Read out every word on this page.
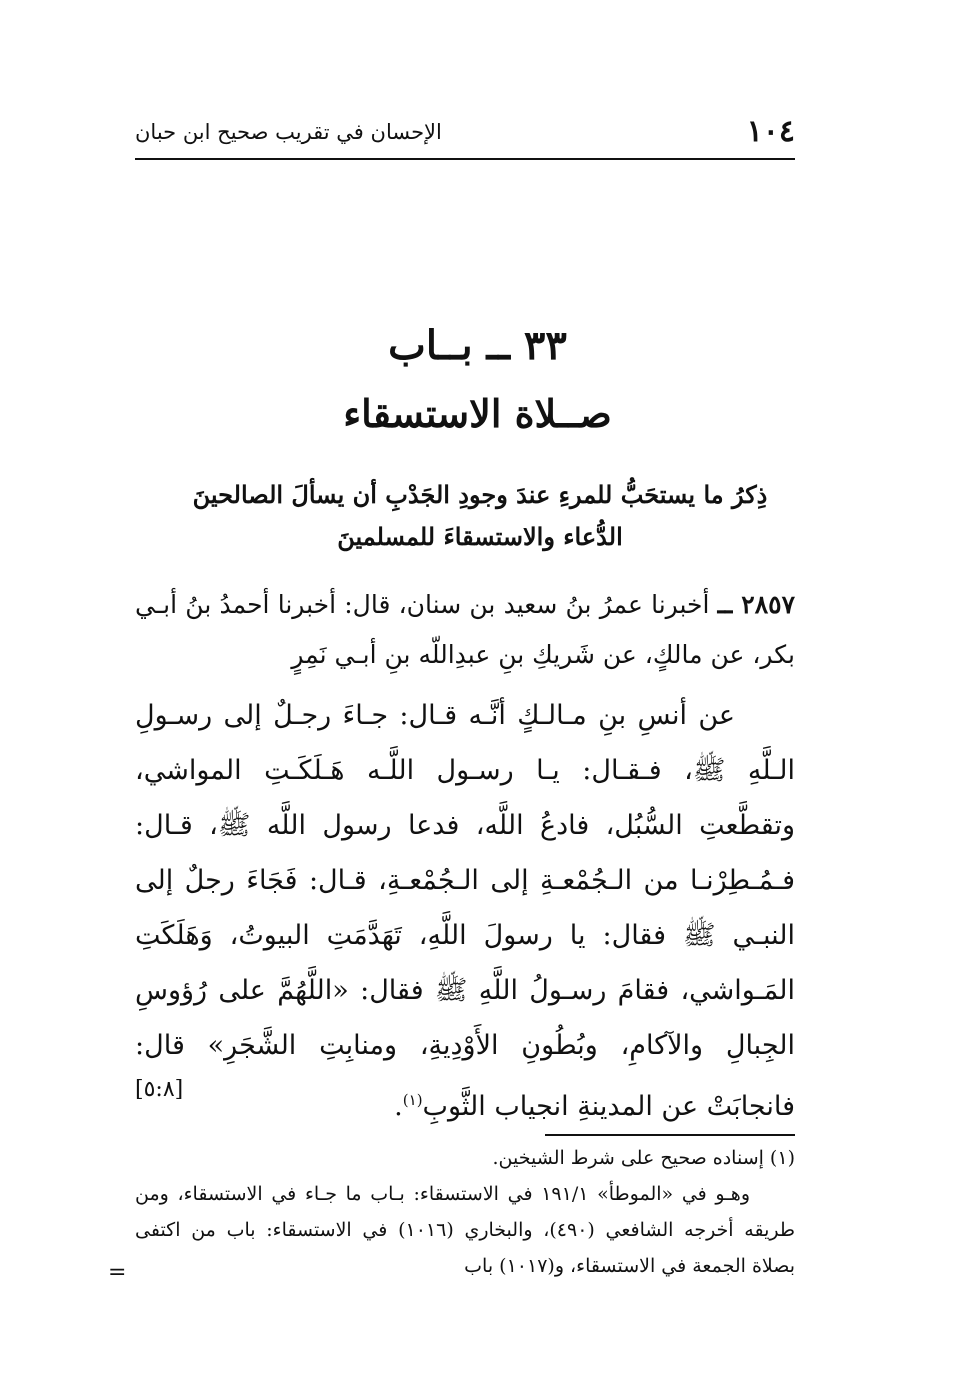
١٠٤
الإحسان في تقريب صحيح ابن حبان
٣٣ ــ بــاب
صــلاة الاستسقاء
ذِكرُ ما يستحَبُّ للمرءِ عندَ وجودِ الجَدْبِ أن يسألَ الصالحينَ
الدُّعاء والاستسقاءَ للمسلمينَ
٢٨٥٧ ــ أخبرنا عمرُ بنُ سعيد بن سنان، قال: أخبرنا أحمدُ بنُ أبـي بكر، عن مالكٍ، عن شَريكِ بنِ عبدِاللّه بنِ أبـي نَمِرٍ

عن أنسِ بنِ مـالـكٍ أنَّـه قـال: جـاءَ رجـلٌ إلى رسـولِ الـلَّهِ ﷺ، فـقـال: يـا رسـول اللَّـه هَـلَكَـتِ المواشي، وتقطَّعتِ السُّبُل، فادعُ اللَّه، فدعا رسول اللَّه ﷺ، قـال: فـمُـطِرْنـا من الـجُمْعـةِ إلى الـجُمْعـةِ، قـال: فَجَاءَ رجلٌ إلى النبـي ﷺ فقال: يا رسولَ اللَّهِ، تَهَدَّمَتِ البيوتُ، وَهَلَكَتِ المَـواشي، فقامَ رسـولُ اللَّهِ ﷺ فقال: «اللَّهُمَّ على رُؤوسِ الجِبالِ والآكامِ، وبُطُونِ الأَوْدِيةِ، ومنابِتِ الشَّجَرِ» قال: فانجابَتْ عن المدينةِ انجياب الثَّوبِ$^{(١)}$.

[٥:٨]

(١) إسناده صحيح على شرط الشيخين.

وهـو في «الموطأ» ١٩١/١ في الاستسقاء: بـاب ما جـاء في الاستسقاء، ومن طريقه أخرجه الشافعي (٤٩٠)، والبخاري (١٠١٦) في الاستسقاء: باب من اكتفى بصلاة الجمعة في الاستسقاء، و(١٠١٧) باب

=
